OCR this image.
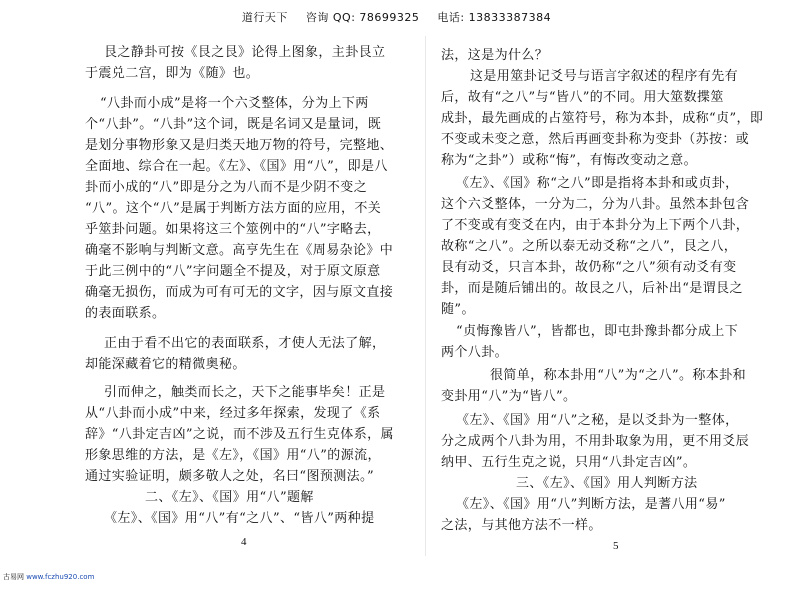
道行天下 咨询 QQ: 78699325 电话: 13833387384
艮之静卦可按《艮之艮》论得上图象，主卦艮立
于震兑二宫，即为《随》也。
“八卦而小成”是将一个六爻整体，分为上下两
个“八卦”。“八卦”这个词，既是名词又是量词，既
是划分事物形象又是归类天地万物的符号，完整地、
全面地、综合在一起。《左》、《国》用“八”，即是八
卦而小成的“八”即是分之为八而不是少阴不变之
“八”。这个“八”是属于判断方法方面的应用，不关
乎筮卦问题。如果将这三个筮例中的“八”字略去，
确毫不影响与判断文意。高亨先生在《周易杂论》中
于此三例中的“八”字问题全不提及，对于原文原意
确毫无损伤，而成为可有可无的文字，因与原文直接
的表面联系。
正由于看不出它的表面联系，才使人无法了解，
却能深藏着它的精微奥秘。
引而伸之，触类而长之，天下之能事毕矣！正是
从“八卦而小成”中来，经过多年探索，发现了《系
辞》“八卦定吉凶”之说，而不涉及五行生克体系，属
形象思维的方法，是《左》，《国》用“八”的源流，
通过实验证明，颇多敬人之处，名曰“图预测法。”
二、《左》、《国》用“八”题解
《左》、《国》用“八”有“之八”、“皆八”两种提
4
法，这是为什么？
这是用筮卦记爻号与语言字叙述的程序有先有
后，故有“之八”与“皆八”的不同。用大筮数揲筮
成卦，最先画成的占筮符号，称为本卦，成称“贞”，即
不变或未变之意，然后再画变卦称为变卦（苏按：或
称为“之卦”）或称“悔”，有悔改变动之意。
《左》、《国》称“之八”即是指将本卦和或贞卦，
这个六爻整体，一分为二，分为八卦。虽然本卦包含
了不变或有变爻在内，由于本卦分为上下两个八卦，
故称“之八”。之所以泰无动爻称“之八”，艮之八，
艮有动爻，只言本卦，故仍称“之八”须有动爻有变
卦，而是随后铺出的。故艮之八，后补出“是谓艮之
随”。
“贞悔豫皆八”，皆都也，即屯卦豫卦都分成上下
两个八卦。
很简单，称本卦用“八”为“之八”。称本卦和
变卦用“八”为“皆八”。
《左》、《国》用“八”之秘，是以爻卦为一整体，
分之成两个八卦为用，不用卦取象为用，更不用爻辰
纳甲、五行生克之说，只用“八卦定吉凶”。
三、《左》、《国》用人判断方法
《左》、《国》用“八”判断方法，是蓍八用“易”
之法，与其他方法不一样。
5
古易网 www.fczhu920.com
